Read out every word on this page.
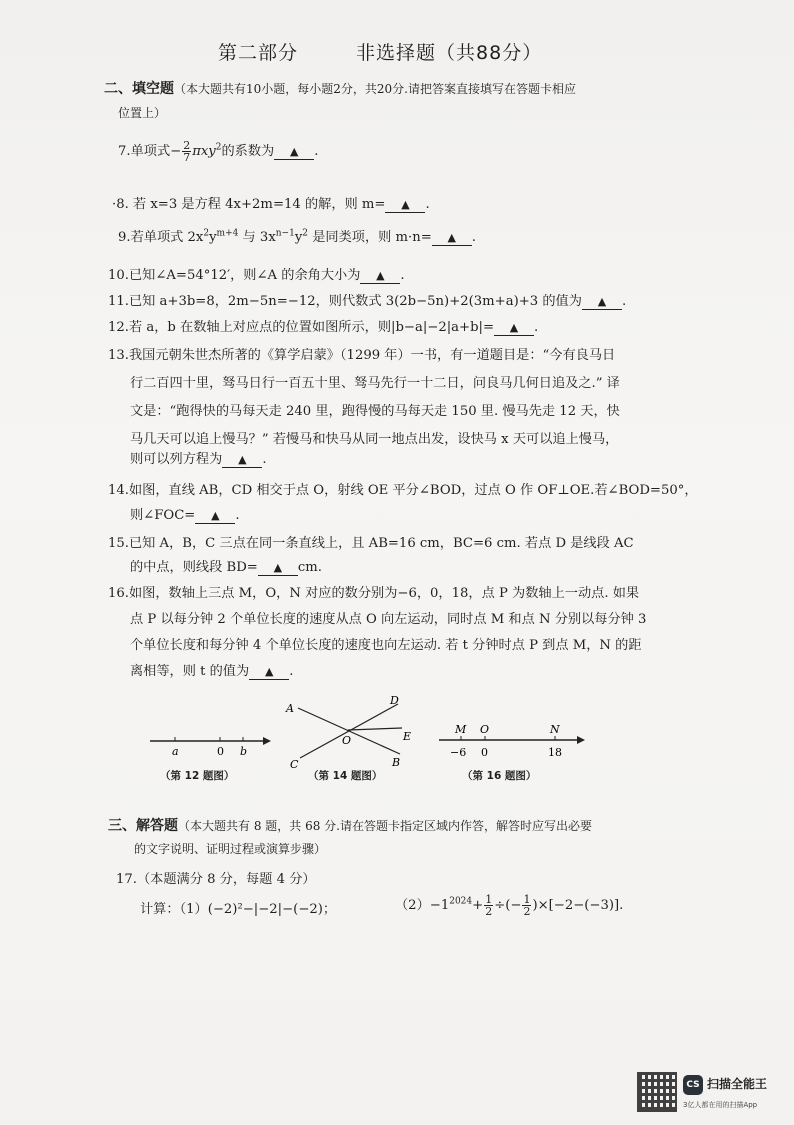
第二部分	非选择题（共88分）
二、填空题（本大题共有10小题，每小题2分，共20分.请把答案直接填写在答题卡相应
位置上）
7.单项式− $\frac{2}{7} \pi xy^2$的系数为 ▲ .
·8. 若 x=3 是方程 4x+2m=14 的解，则 m= ▲ .
9.若单项式 $2x^2y^{m+4}$ 与 $3x^{n-1}y^2$ 是同类项，则 m·n= ▲ .
10.已知∠A=54°12′，则∠A 的余角大小为 ▲ .
11.已知 a+3b=8，2m−5n=−12，则代数式 3(2b−5n)+2(3m+a)+3 的值为 ▲ .
12.若 a，b 在数轴上对应点的位置如图所示，则|b−a|−2|a+b|= ▲ .
13.我国元朝朱世杰所著的《算学启蒙》（1299 年）一书，有一道题目是：“今有良马日
行二百四十里，驽马日行一百五十里、驽马先行一十二日，问良马几何日追及之.” 译
文是：“跑得快的马每天走 240 里，跑得慢的马每天走 150 里. 慢马先走 12 天，快
马几天可以追上慢马？” 若慢马和快马从同一地点出发，设快马 x 天可以追上慢马，
则可以列方程为 ▲ .
14.如图，直线 AB，CD 相交于点 O，射线 OE 平分∠BOD，过点 O 作 OF⊥OE.若∠BOD=50°，
则∠FOC= ▲ .
15.已知 A，B，C 三点在同一条直线上，且 AB=16 cm，BC=6 cm. 若点 D 是线段 AC
的中点，则线段 BD= ▲ cm.
16.如图，数轴上三点 M，O，N 对应的数分别为−6，0，18，点 P 为数轴上一动点. 如果
点 P 以每分钟 2 个单位长度的速度从点 O 向左运动，同时点 M 和点 N 分别以每分钟 3
个单位长度和每分钟 4 个单位长度的速度也向左运动. 若 t 分钟时点 P 到点 M，N 的距
离相等，则 t 的值为 ▲ .
a	0 b
（第 12 题图）
A
B
C
D
E
O
（第 14 题图）
M O	N
−6 0	18
（第 16 题图）
三、解答题（本大题共有 8 题，共 68 分.请在答题卡指定区域内作答，解答时应写出必要
的文字说明、证明过程或演算步骤）
17.（本题满分 8 分，每题 4 分）
计算：（1）(−2)²−|−2|−(−2)；	$(2)-1^{2024}+ \frac{1}{2}$ ÷(− $\frac{1}{2} )\times[-2-(-3)]$.
CS 扫描全能王
3亿人都在用的扫描App
